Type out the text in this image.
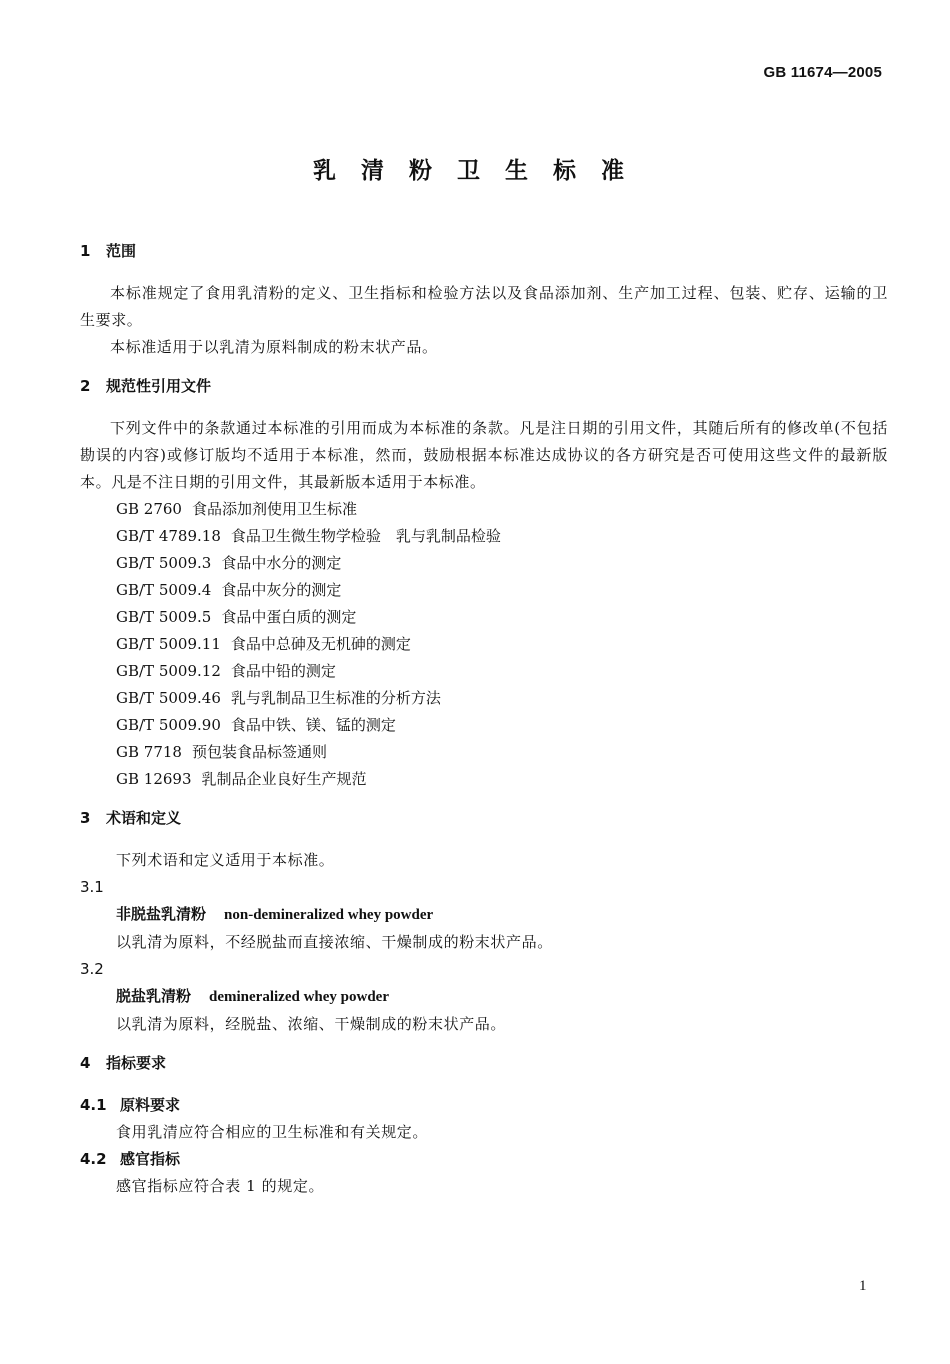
GB 11674—2005
乳清粉卫生标准
1 范围
本标准规定了食用乳清粉的定义、卫生指标和检验方法以及食品添加剂、生产加工过程、包装、贮存、运输的卫生要求。
本标准适用于以乳清为原料制成的粉末状产品。
2 规范性引用文件
下列文件中的条款通过本标准的引用而成为本标准的条款。凡是注日期的引用文件，其随后所有的修改单(不包括勘误的内容)或修订版均不适用于本标准，然而，鼓励根据本标准达成协议的各方研究是否可使用这些文件的最新版本。凡是不注日期的引用文件，其最新版本适用于本标准。
GB 2760 食品添加剂使用卫生标准
GB/T 4789.18 食品卫生微生物学检验　乳与乳制品检验
GB/T 5009.3 食品中水分的测定
GB/T 5009.4 食品中灰分的测定
GB/T 5009.5 食品中蛋白质的测定
GB/T 5009.11 食品中总砷及无机砷的测定
GB/T 5009.12 食品中铅的测定
GB/T 5009.46 乳与乳制品卫生标准的分析方法
GB/T 5009.90 食品中铁、镁、锰的测定
GB 7718 预包装食品标签通则
GB 12693 乳制品企业良好生产规范
3 术语和定义
下列术语和定义适用于本标准。
3.1
非脱盐乳清粉 non-demineralized whey powder
以乳清为原料，不经脱盐而直接浓缩、干燥制成的粉末状产品。
3.2
脱盐乳清粉 demineralized whey powder
以乳清为原料，经脱盐、浓缩、干燥制成的粉末状产品。
4 指标要求
4.1 原料要求
食用乳清应符合相应的卫生标准和有关规定。
4.2 感官指标
感官指标应符合表 1 的规定。
1
